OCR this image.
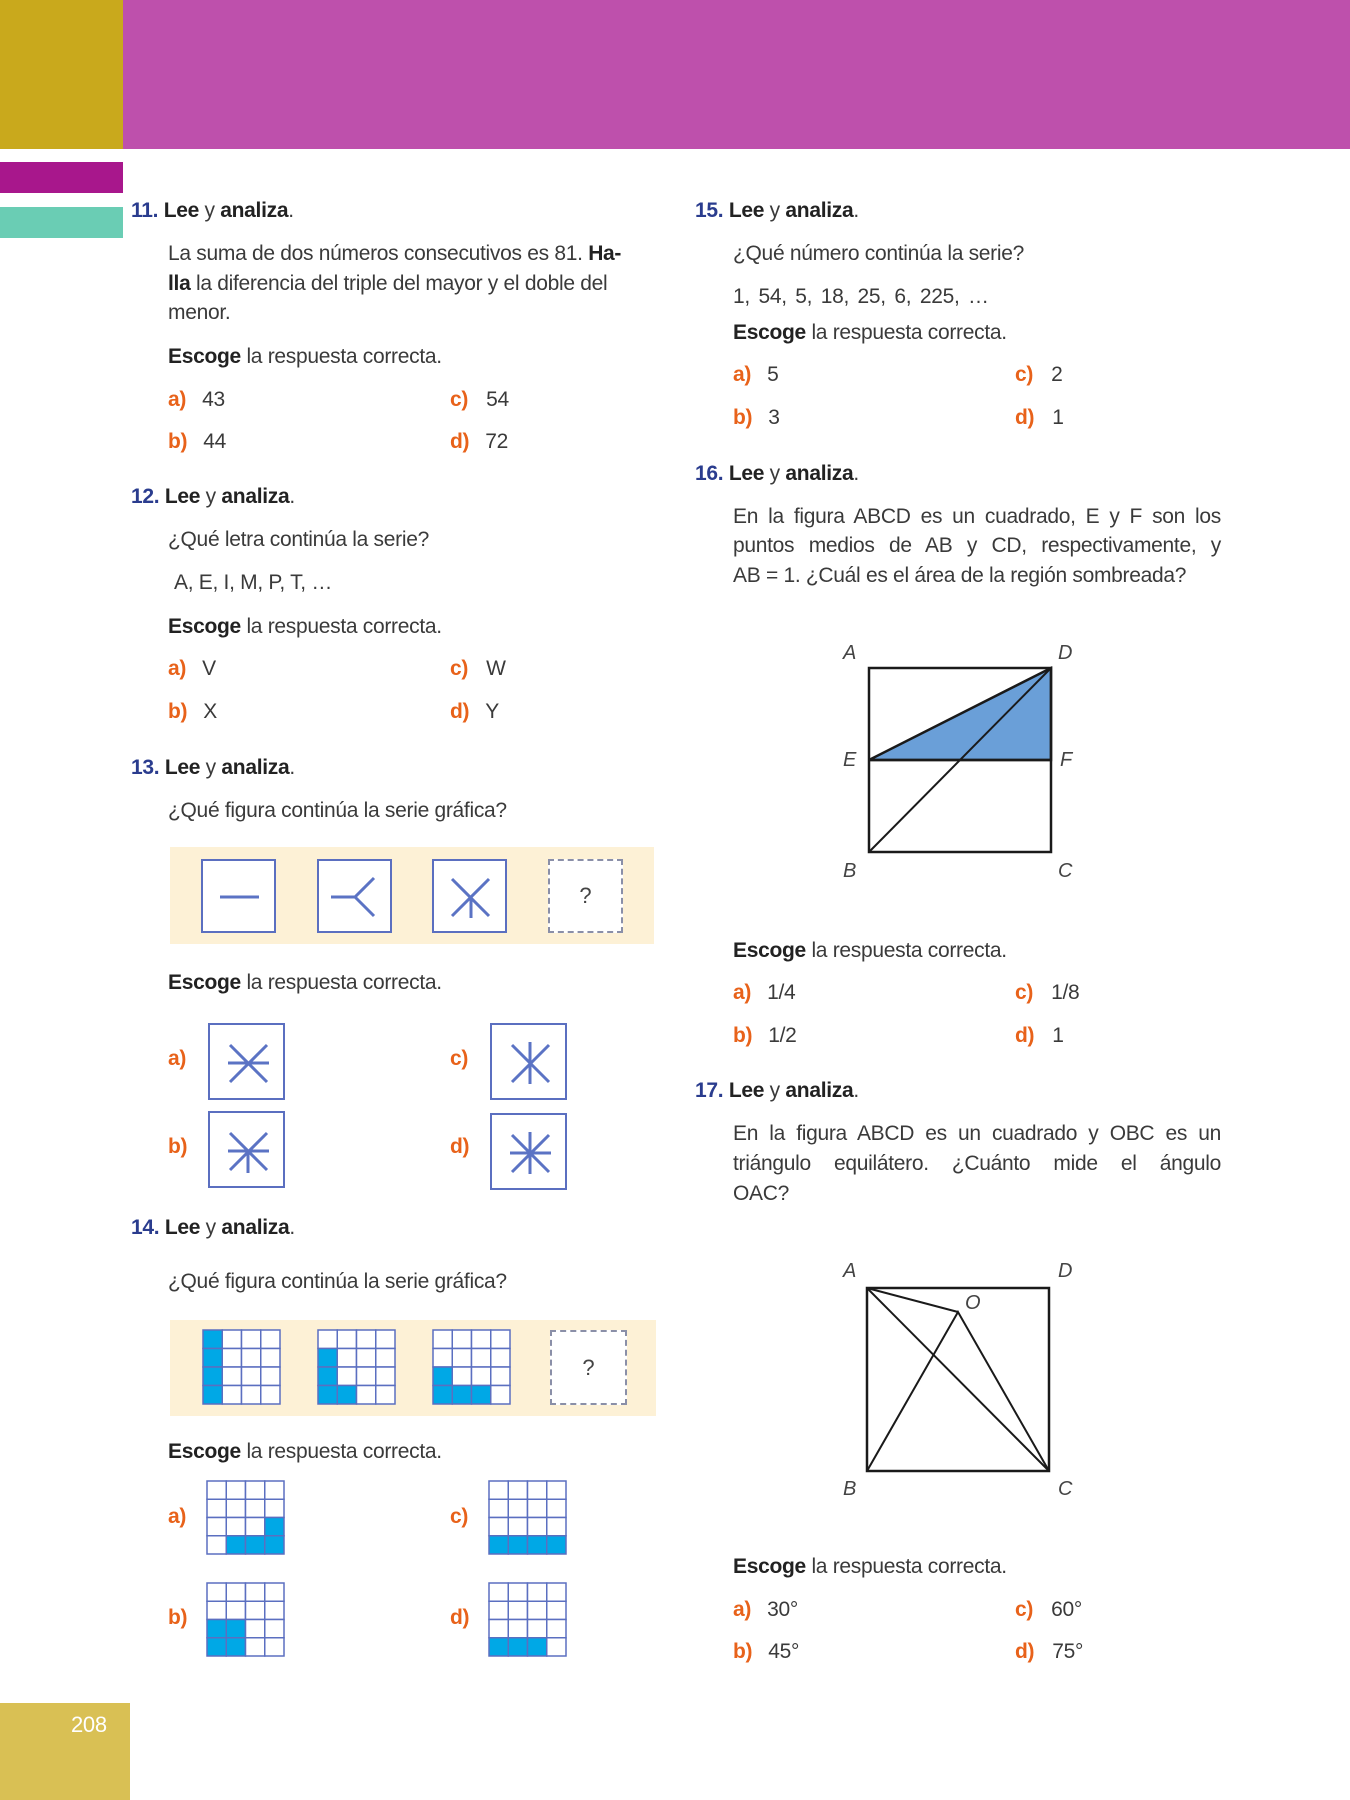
11. Lee y analiza.
La suma de dos números consecutivos es 81. Ha-
lla la diferencia del triple del mayor y el doble del
menor.
Escoge la respuesta correcta.
a) 43
b) 44
c) 54
d) 72
12. Lee y analiza.
¿Qué letra continúa la serie?
A, E, I, M, P, T, …
Escoge la respuesta correcta.
a) V
b) X
c) W
d) Y
13. Lee y analiza.
¿Qué figura continúa la serie gráfica?
?
Escoge la respuesta correcta.
a)
b)
c)
d)
14. Lee y analiza.
¿Qué figura continúa la serie gráfica?
?
Escoge la respuesta correcta.
a)
b)
c)
d)
15. Lee y analiza.
¿Qué número continúa la serie?
1, 54, 5, 18, 25, 6, 225, …
Escoge la respuesta correcta.
a) 5
b) 3
c) 2
d) 1
16. Lee y analiza.
En la figura ABCD es un cuadrado, E y F son los
puntos medios de AB y CD, respectivamente, y
AB = 1. ¿Cuál es el área de la región sombreada?
A	D
E	F
B	C
Escoge la respuesta correcta.
a) 1/4
b) 1/2
c) 1/8
d) 1
17. Lee y analiza.
En la figura ABCD es un cuadrado y OBC es un
triángulo equilátero. ¿Cuánto mide el ángulo
OAC?
A	D
O
B	C
Escoge la respuesta correcta.
a) 30°
b) 45°
c) 60°
d) 75°
208
